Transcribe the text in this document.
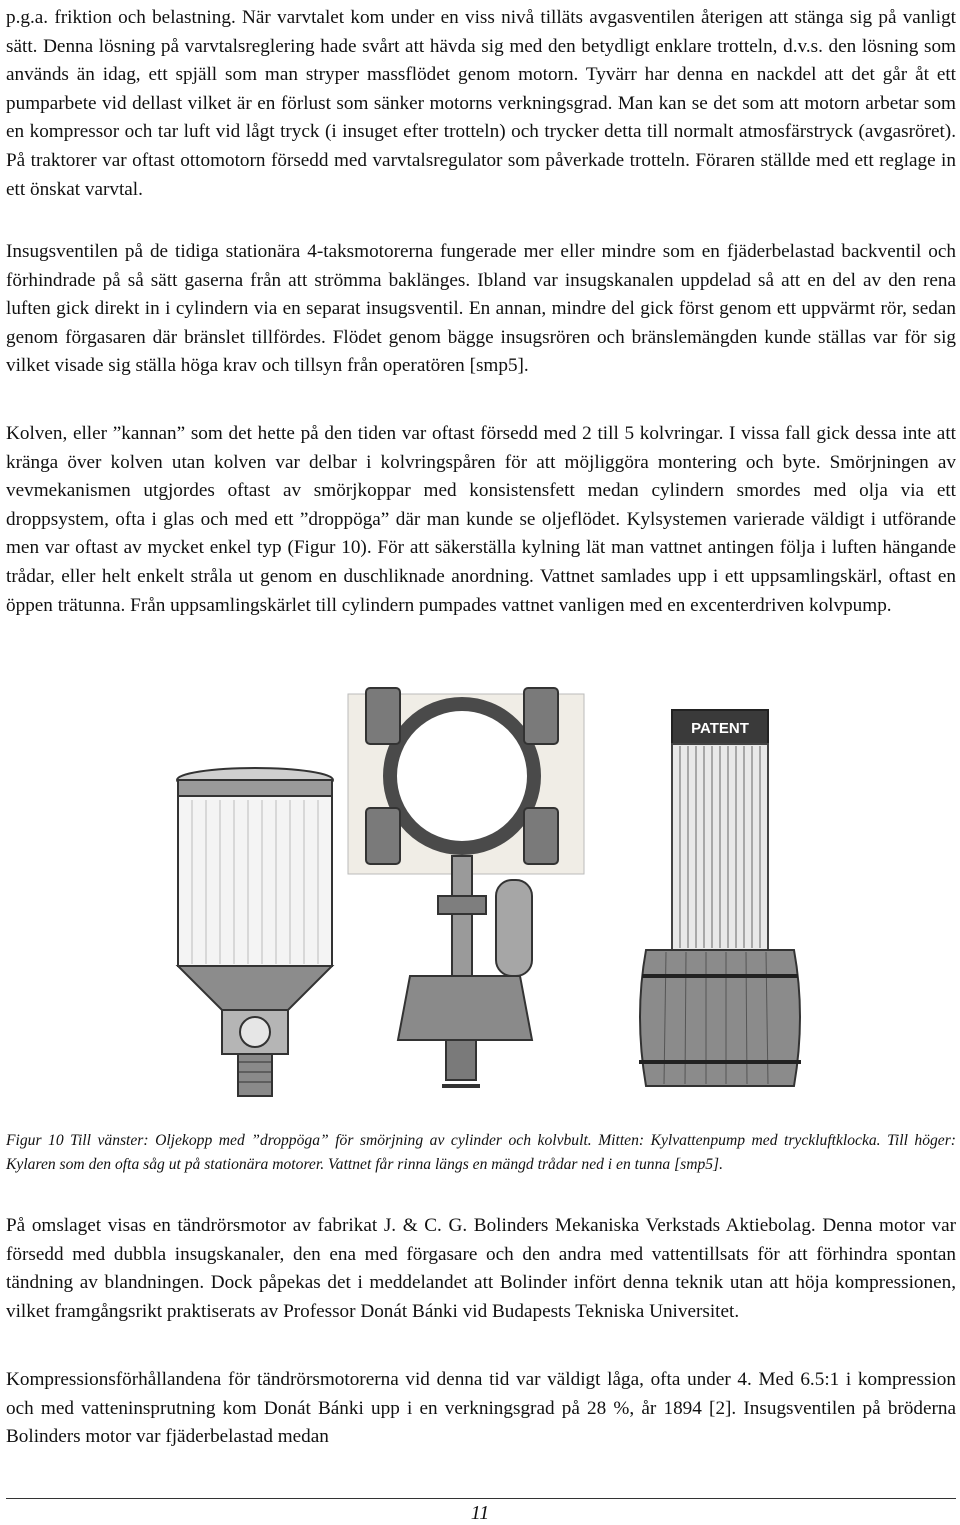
p.g.a. friktion och belastning. När varvtalet kom under en viss nivå tilläts avgasventilen återigen att stänga sig på vanligt sätt. Denna lösning på varvtalsreglering hade svårt att hävda sig med den betydligt enklare trotteln, d.v.s. den lösning som används än idag, ett spjäll som man stryper massflödet genom motorn. Tyvärr har denna en nackdel att det går åt ett pumparbete vid dellast vilket är en förlust som sänker motorns verkningsgrad. Man kan se det som att motorn arbetar som en kompressor och tar luft vid lågt tryck (i insuget efter trotteln) och trycker detta till normalt atmosfärstryck (avgasröret). På traktorer var oftast ottomotorn försedd med varvtalsregulator som påverkade trotteln. Föraren ställde med ett reglage in ett önskat varvtal.

Insugsventilen på de tidiga stationära 4-taksmotorerna fungerade mer eller mindre som en fjäderbelastad backventil och förhindrade på så sätt gaserna från att strömma baklänges. Ibland var insugskanalen uppdelad så att en del av den rena luften gick direkt in i cylindern via en separat insugsventil. En annan, mindre del gick först genom ett uppvärmt rör, sedan genom förgasaren där bränslet tillfördes. Flödet genom bägge insugsrören och bränslemängden kunde ställas var för sig vilket visade sig ställa höga krav och tillsyn från operatören [smp5].

Kolven, eller ”kannan” som det hette på den tiden var oftast försedd med 2 till 5 kolvringar. I vissa fall gick dessa inte att kränga över kolven utan kolven var delbar i kolvringspåren för att möjliggöra montering och byte. Smörjningen av vevmekanismen utgjordes oftast av smörjkoppar med konsistensfett medan cylindern smordes med olja via ett droppsystem, ofta i glas och med ett ”droppöga” där man kunde se oljeflödet. Kylsystemen varierade väldigt i utförande men var oftast av mycket enkel typ (Figur 10). För att säkerställa kylning lät man vattnet antingen följa i luften hängande trådar, eller helt enkelt stråla ut genom en duschliknade anordning. Vattnet samlades upp i ett uppsamlingskärl, oftast en öppen trätunna. Från uppsamlingskärlet till cylindern pumpades vattnet vanligen med en excenterdriven kolvpump.

PATENT

Figur 10 Till vänster: Oljekopp med ”droppöga” för smörjning av cylinder och kolvbult. Mitten: Kylvattenpump med tryckluftklocka. Till höger: Kylaren som den ofta såg ut på stationära motorer. Vattnet får rinna längs en mängd trådar ned i en tunna [smp5].

På omslaget visas en tändrörsmotor av fabrikat J. & C. G. Bolinders Mekaniska Verkstads Aktiebolag. Denna motor var försedd med dubbla insugskanaler, den ena med förgasare och den andra med vattentillsats för att förhindra spontan tändning av blandningen. Dock påpekas det i meddelandet att Bolinder infört denna teknik utan att höja kompressionen, vilket framgångsrikt praktiserats av Professor Donát Bánki vid Budapests Tekniska Universitet.

Kompressionsförhållandena för tändrörsmotorerna vid denna tid var väldigt låga, ofta under 4. Med 6.5:1 i kompression och med vatteninsprutning kom Donát Bánki upp i en verkningsgrad på 28 %, år 1894 [2]. Insugsventilen på bröderna Bolinders motor var fjäderbelastad medan

11
